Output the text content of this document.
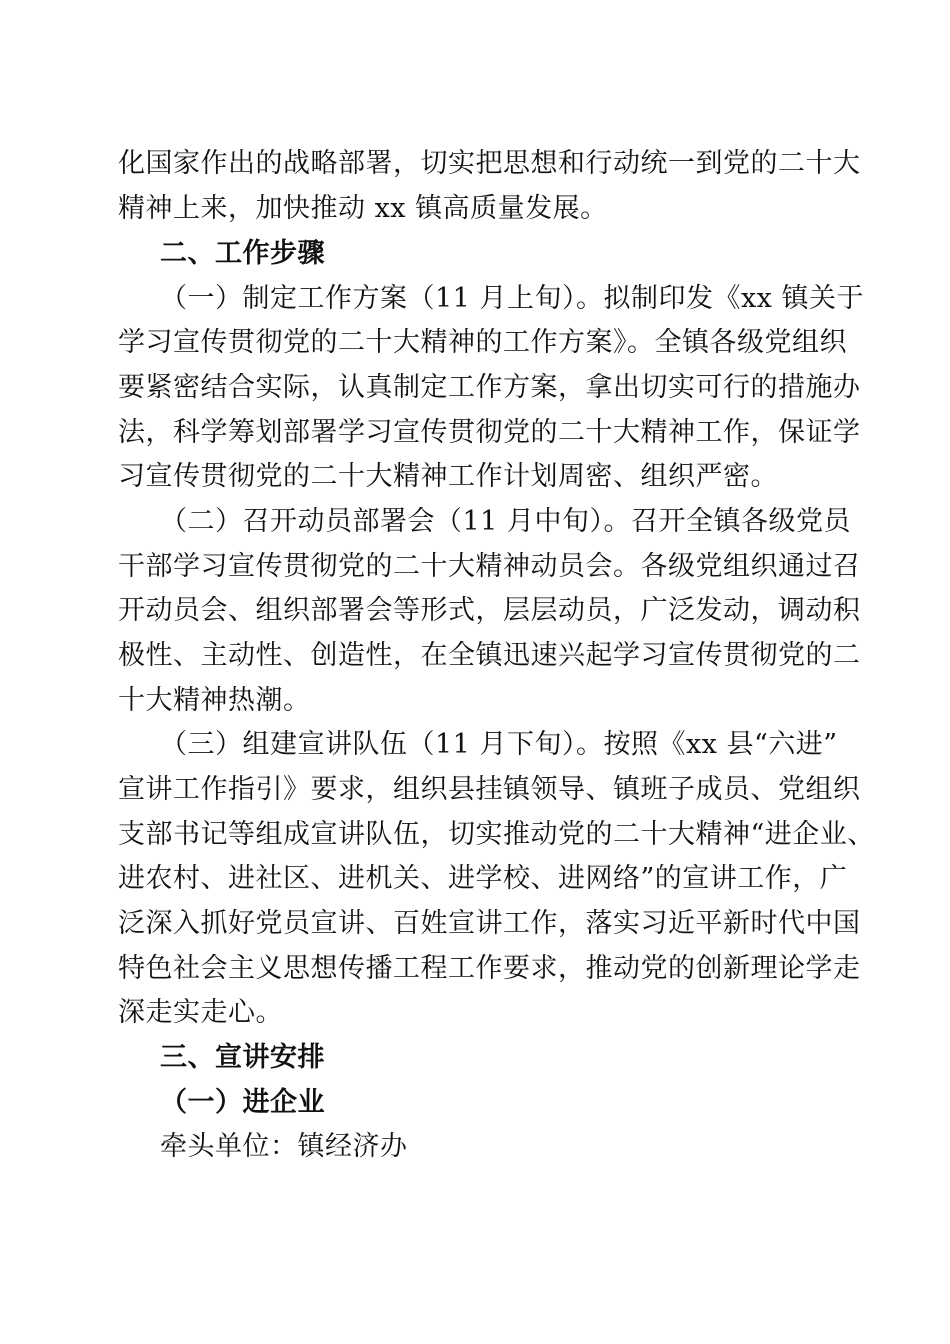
化国家作出的战略部署，切实把思想和行动统一到党的二十大
精神上来，加快推动 xx 镇高质量发展。
二、工作步骤
（一）制定工作方案（11 月上旬）。拟制印发《xx 镇关于
学习宣传贯彻党的二十大精神的工作方案》。全镇各级党组织
要紧密结合实际，认真制定工作方案，拿出切实可行的措施办
法，科学筹划部署学习宣传贯彻党的二十大精神工作，保证学
习宣传贯彻党的二十大精神工作计划周密、组织严密。
（二）召开动员部署会（11 月中旬）。召开全镇各级党员
干部学习宣传贯彻党的二十大精神动员会。各级党组织通过召
开动员会、组织部署会等形式，层层动员，广泛发动，调动积
极性、主动性、创造性，在全镇迅速兴起学习宣传贯彻党的二
十大精神热潮。
（三）组建宣讲队伍（11 月下旬）。按照《xx 县“六进”
宣讲工作指引》要求，组织县挂镇领导、镇班子成员、党组织
支部书记等组成宣讲队伍，切实推动党的二十大精神“进企业、
进农村、进社区、进机关、进学校、进网络”的宣讲工作，广
泛深入抓好党员宣讲、百姓宣讲工作，落实习近平新时代中国
特色社会主义思想传播工程工作要求，推动党的创新理论学走
深走实走心。
三、宣讲安排
（一）进企业
牵头单位：镇经济办
